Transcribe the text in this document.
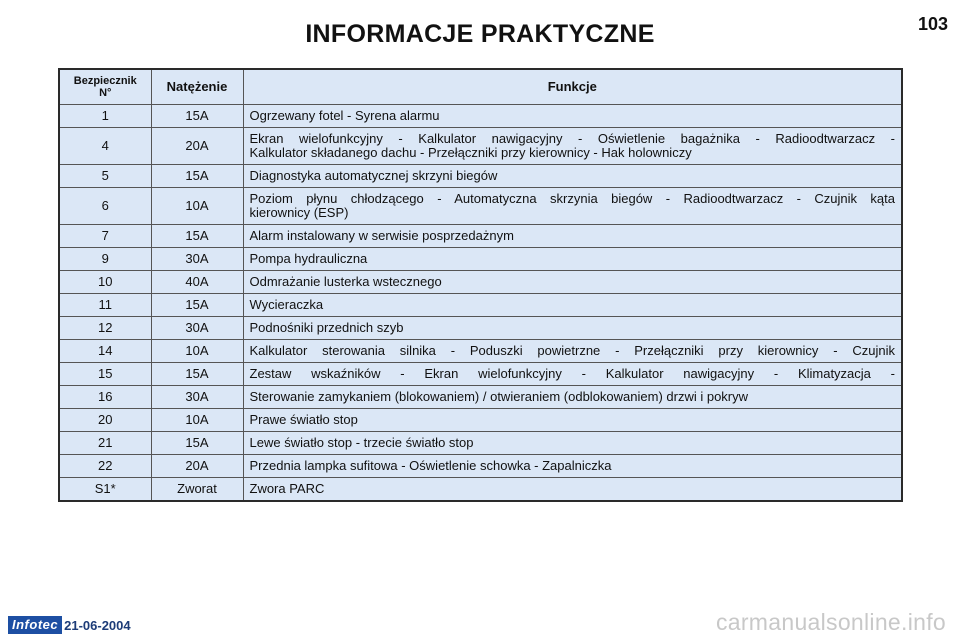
INFORMACJE PRAKTYCZNE	103
Bezpiecznik
N°	Natężenie	Funkcje
1	15A	Ogrzewany fotel - Syrena alarmu
4	20A	Ekran wielofunkcyjny - Kalkulator nawigacyjny - Oświetlenie bagażnika - Radioodtwarzacz -
Kalkulator składanego dachu - Przełączniki przy kierownicy - Hak holowniczy

5	15A	Diagnostyka automatycznej skrzyni biegów
6	10A	Poziom płynu chłodzącego - Automatyczna skrzynia biegów - Radioodtwarzacz - Czujnik kąta
kierownicy (ESP)

7	15A	Alarm instalowany w serwisie posprzedażnym
9	30A	Pompa hydrauliczna
10	40A	Odmrażanie lusterka wstecznego
11	15A	Wycieraczka
12	30A	Podnośniki przednich szyb
14	10A	Kalkulator sterowania silnika - Poduszki powietrzne - Przełączniki przy kierownicy - Czujnik
15	15A	Zestaw wskaźników - Ekran wielofunkcyjny - Kalkulator nawigacyjny - Klimatyzacja -
16	30A	Sterowanie zamykaniem (blokowaniem) / otwieraniem (odblokowaniem) drzwi i pokryw
20	10A	Prawe światło stop
21	15A	Lewe światło stop - trzecie światło stop
22	20A	Przednia lampka sufitowa - Oświetlenie schowka - Zapalniczka
S1*	Zworat	Zwora PARC
Infotec 21-06-2004	carmanualsonline.info
